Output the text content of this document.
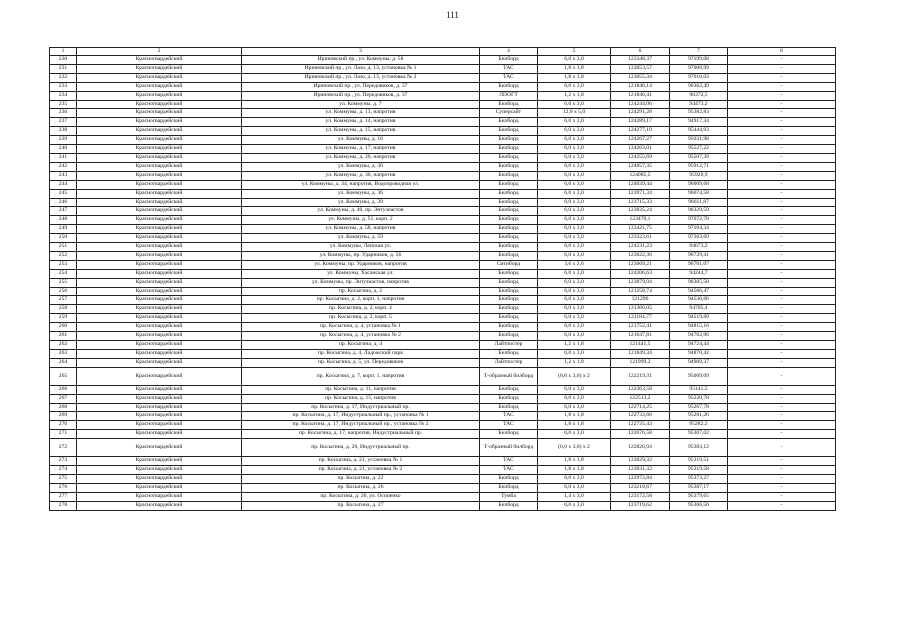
111
1	2	3	4	5	6	7	8
230	Красногвардейский	Ириновский пр., ул. Коммуны, д. 58	Билборд	6,0 x 3,0	123348,37	97199,08	-
231	Красногвардейский	Ириновский пр., ул. Лазо, д. 13, установка № 1	ТАС	1,8 x 1,8	123053,57	97008,99	-
232	Красногвардейский	Ириновский пр., ул. Лазо, д. 13, установка № 2	ТАС	1,8 x 1,8	123055,34	97010,03	-
233	Красногвардейский	Ириновский пр., ул. Передовиков, д. 37	Билборд	6,0 x 3,0	121846,14	96362,49	-
234	Красногвардейский	Ириновский пр., ул. Передовиков, д. 37	ЛПОГТ	1,2 x 1,8	121846,41	96372,5	-
235	Красногвардейский	ул. Коммуны, д. 7	Билборд	6,0 x 3,0	124244,06	94473,2	-
236	Красногвардейский	ул. Коммуны, д. 13, напротив	Суперсайт	12,0 x 5,0	124291,28	95382,83	-
237	Красногвардейский	ул. Коммуны, д. 14, напротив	Билборд	6,0 x 3,0	124289,17	94917,34	-
238	Красногвардейский	ул. Коммуны, д. 15, напротив	Билборд	6,0 x 3,0	124277,19	95444,93	-
239	Красногвардейский	ул. Коммуны, д. 16	Билборд	6,0 x 3,0	124267,27	95031,98	-
240	Красногвардейский	ул. Коммуны, д. 17, напротив	Билборд	6,0 x 3,0	124263,01	95527,22	-
241	Красногвардейский	ул. Коммуны, д. 26, напротив	Билборд	6,0 x 3,0	124255,69	95507,39	-
242	Красногвардейский	ул. Коммуны, д. 30	Билборд	6,0 x 3,0	124057,35	95912,71	-
243	Красногвардейский	ул. Коммуны, д. 30, напротив	Билборд	6,0 x 3,0	124085,5	95920,9	-
244	Красногвардейский	ул. Коммуны, д. 34, напротив, Водопроводная ул.	Билборд	6,0 x 3,0	124039,44	96009,68	-
245	Красногвардейский	ул. Коммуны, д. 36	Билборд	6,0 x 3,0	123971,34	96074,58	-
246	Красногвардейский	ул. Коммуны, д. 39	Билборд	6,0 x 3,0	123715,33	96611,87	-
247	Красногвардейский	ул. Коммуны, д. 40, пр. Энтузиастов	Билборд	6,0 x 3,0	123835,24	96329,59	-
248	Красногвардейский	ул. Коммуны, д. 51, корп. 2	Билборд	6,0 x 3,0	123470,1	97072,78	-
249	Красногвардейский	ул. Коммуны, д. 58, напротив	Билборд	6,0 x 3,0	123421,75	97164,34	-
250	Красногвардейский	ул. Коммуны, д. 59	Билборд	6,0 x 3,0	123323,61	97363,69	-
251	Красногвардейский	ул. Коммуны, Ленская ул.	Билборд	6,0 x 3,0	124231,23	94673,2	-
252	Красногвардейский	ул. Коммуны, пр. Ударников, д. 56	Билборд	6,0 x 3,0	123622,36	96729,41	-
253	Красногвардейский	ул. Коммуны, пр. Ударников, напротив	Ситиборд	3,6 x 2,6	123669,21	96701,07	-
254	Красногвардейский	ул. Коммуны, Хасанская ул.	Билборд	6,0 x 3,0	124206,63	94244,7	-
255	Красногвардейский	ул. Коммуны, пр. Энтузиастов, напротив	Билборд	6,0 x 3,0	123879,04	96305,58	-
256	Красногвардейский	пр. Косыгина, д. 2	Билборд	6,0 x 3,0	121258,74	94566,47	-
257	Красногвардейский	пр. Косыгина, д. 2, корп. 1, напротив	Билборд	6,0 x 3,0	121296	94536,66	-
258	Красногвардейский	пр. Косыгина, д. 2, корп. 4	Билборд	6,0 x 3,0	121366,05	94705,4	-
259	Красногвардейский	пр. Косыгина, д. 2, корп. 5	Билборд	6,0 x 3,0	121184,77	94519,89	-
260	Красногвардейский	пр. Косыгина, д. 4, установка № 1	Билборд	6,0 x 3,0	121752,41	94815,16	-
261	Красногвардейский	пр. Косыгина, д. 4, установка № 2	Билборд	6,0 x 3,0	121647,81	94762,96	-
262	Красногвардейский	пр. Косыгина, д. 4	Лайтпостер	1,2 x 1,8	121441,5	94724,44	-
263	Красногвардейский	пр. Косыгина, д. 4, Ладожский парк	Билборд	6,0 x 3,0	121849,34	94870,42	-
264	Красногвардейский	пр. Косыгина, д. 5, ул. Передовиков	Лайтпостер	1,2 x 1,8	121999,2	94909,37	-
265	Красногвардейский	пр. Косыгина, д. 7, корп. 1, напротив	Т-образный билборд	(6,0 x 3,0) x 2	122219,31	95069,09	-
266	Красногвардейский	пр. Косыгина, д. 11, напротив	Билборд	6,0 x 3,0	122363,58	95141,5	-
267	Красногвардейский	пр. Косыгина, д. 15, напротив	Билборд	6,0 x 3,0	122513,2	95220,78	-
268	Красногвардейский	пр. Косыгина, д. 17, Индустриальный пр.	Билборд	6,0 x 3,0	122714,25	95267,78	-
269	Красногвардейский	пр. Косыгина, д. 17, Индустриальный пр., установка № 1	ТАС	1,8 x 1,8	122733,66	95281,26	-
270	Красногвардейский	пр. Косыгина, д. 17, Индустриальный пр., установка № 2	ТАС	1,8 x 1,8	122735,43	95282,2	-
271	Красногвардейский	пр. Косыгина, д. 17, напротив, Индустриальный пр.	Билборд	6,0 x 3,0	122676,58	95307,02	-
272	Красногвардейский	пр. Косыгина, д. 20, Индустриальный пр.	Т-образный билборд	(6,0 x 3,0) x 2	122826,94	95383,12	-
273	Красногвардейский	пр. Косыгина, д. 21, установка № 1	ТАС	1,8 x 1,8	123029,32	95319,51	-
274	Красногвардейский	пр. Косыгина, д. 21, установка № 2	ТАС	1,8 x 1,8	123031,32	95319,58	-
275	Красногвардейский	пр. Косыгина, д. 22	Билборд	6,0 x 3,0	122972,84	95373,27	-
276	Красногвардейский	пр. Косыгина, д. 26	Билборд	6,0 x 3,0	123218,67	95387,17	-
277	Красногвардейский	пр. Косыгина, д. 26, ул. Осипенко	Тумба	1,4 x 3,0	123172,58	95379,65	-
278	Красногвардейский	пр. Косыгина, д. 27	Билборд	6,0 x 3,0	123719,62	95366,56	-
